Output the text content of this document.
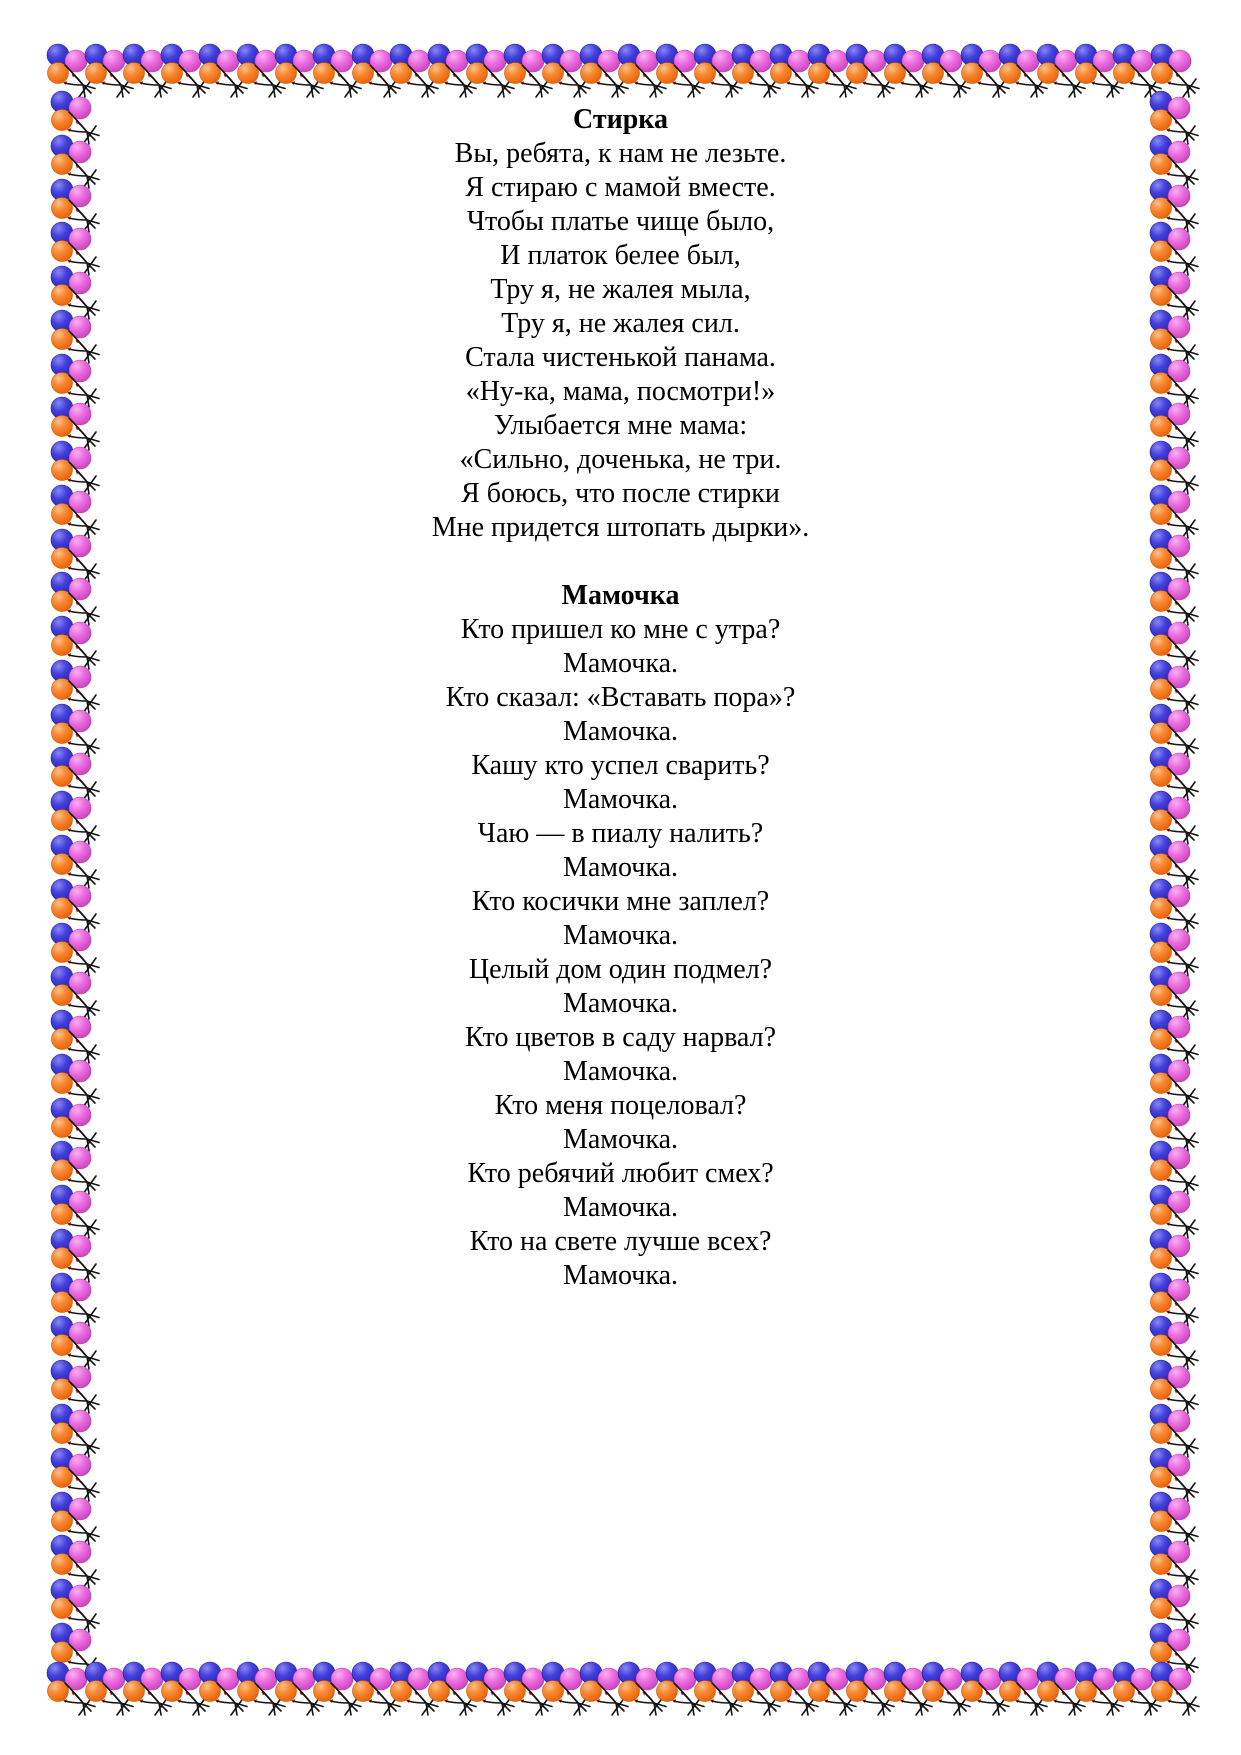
Стирка
Вы, ребята, к нам не лезьте.
Я стираю с мамой вместе.
Чтобы платье чище было,
И платок белее был,
Тру я, не жалея мыла,
Тру я, не жалея сил.
Стала чистенькой панама.
«Ну-ка, мама, посмотри!»
Улыбается мне мама:
«Сильно, доченька, не три.
Я боюсь, что после стирки
Мне придется штопать дырки».
Мамочка
Кто пришел ко мне с утра?
Мамочка.
Кто сказал: «Вставать пора»?
Мамочка.
Кашу кто успел сварить?
Мамочка.
Чаю — в пиалу налить?
Мамочка.
Кто косички мне заплел?
Мамочка.
Целый дом один подмел?
Мамочка.
Кто цветов в саду нарвал?
Мамочка.
Кто меня поцеловал?
Мамочка.
Кто ребячий любит смех?
Мамочка.
Кто на свете лучше всех?
Мамочка.
